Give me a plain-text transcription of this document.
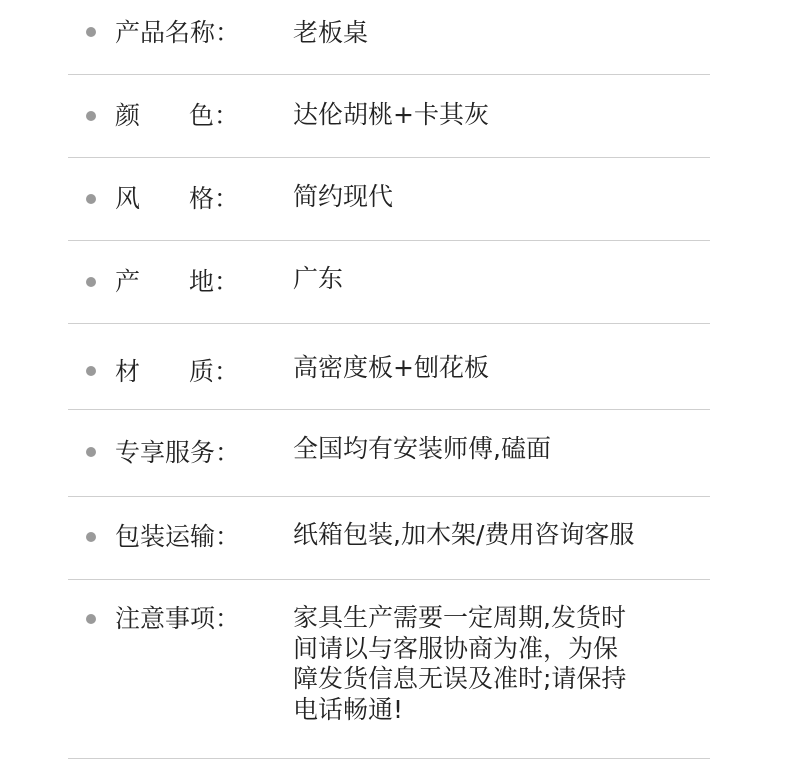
产品名称： 老板桌
颜 色 ： 达伦胡桃+卡其灰
风 格 ： 简约现代
产 地 ： 广东
材 质 ： 高密度板+刨花板
专享服务： 全国均有安装师傅,磕面
包装运输： 纸箱包装,加木架/费用咨询客服
注意事项： 家具生产需要一定周期,发货时
间请以与客服协商为准，为保
障发货信息无误及准时;请保持
电话畅通!
